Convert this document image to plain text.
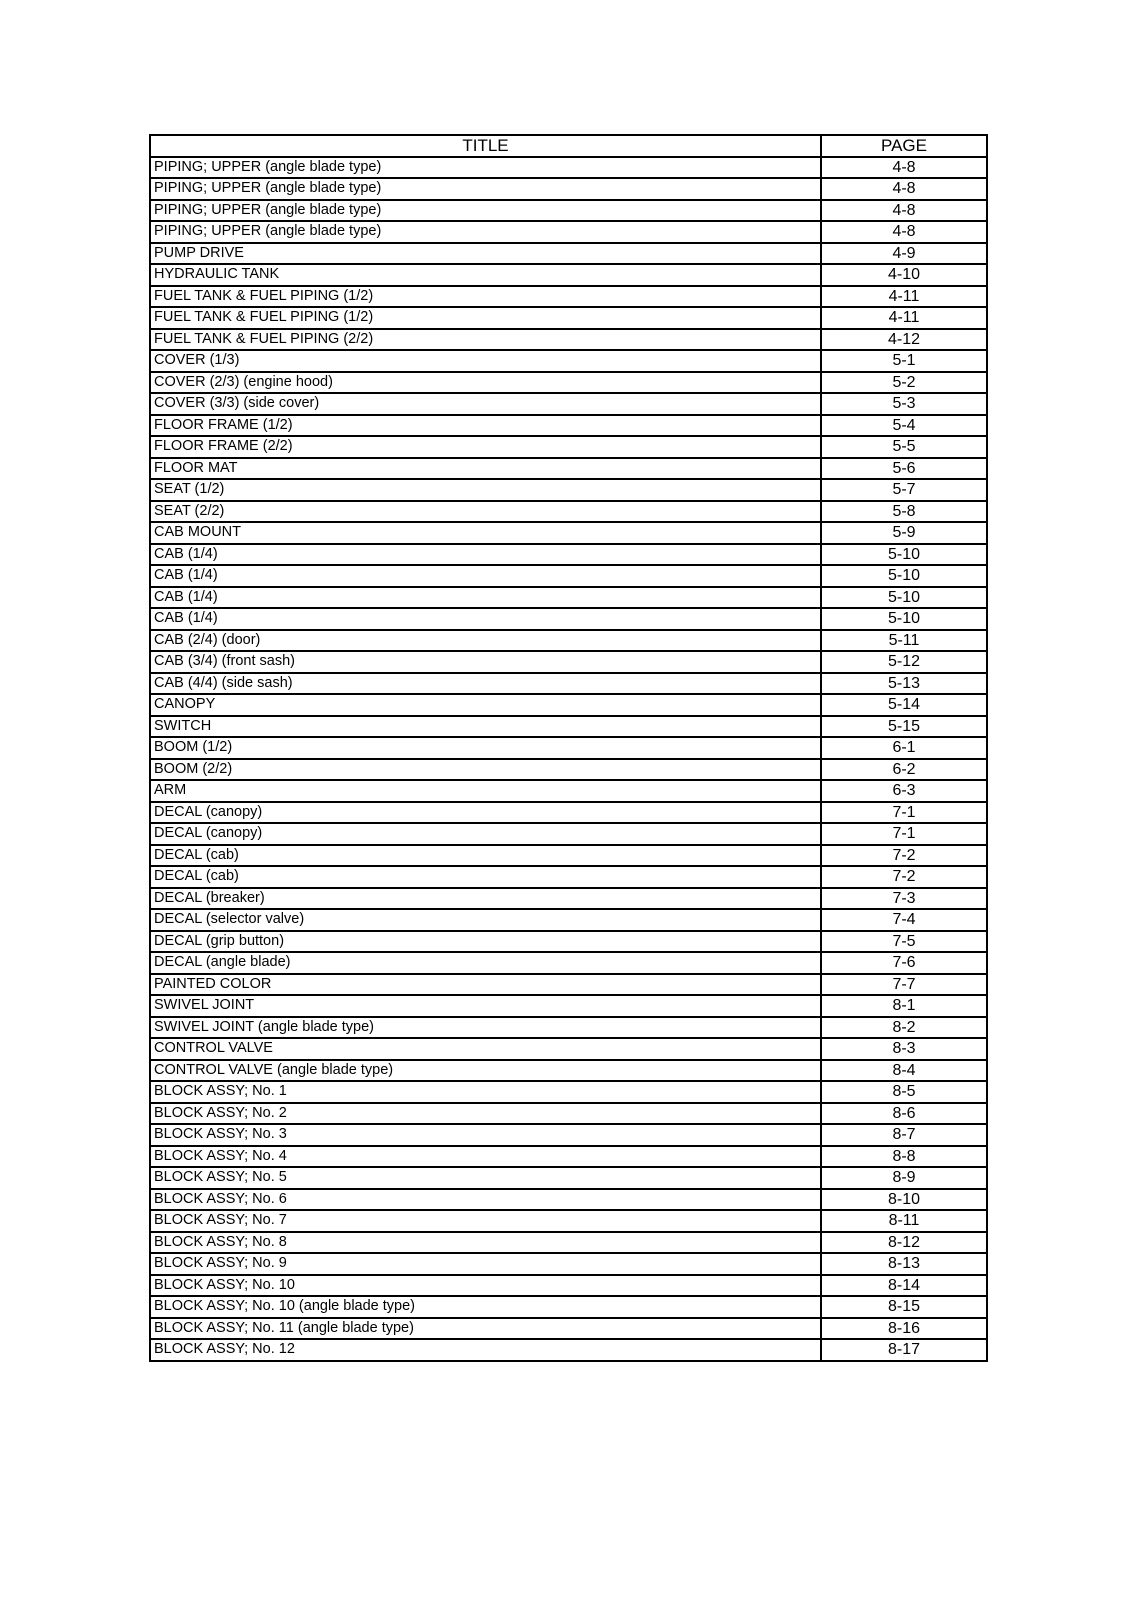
TITLE	PAGE
PIPING; UPPER (angle blade type)	4-8
PIPING; UPPER (angle blade type)	4-8
PIPING; UPPER (angle blade type)	4-8
PIPING; UPPER (angle blade type)	4-8
PUMP DRIVE	4-9
HYDRAULIC TANK	4-10
FUEL TANK & FUEL PIPING (1/2)	4-11
FUEL TANK & FUEL PIPING (1/2)	4-11
FUEL TANK & FUEL PIPING (2/2)	4-12
COVER (1/3)	5-1
COVER (2/3) (engine hood)	5-2
COVER (3/3) (side cover)	5-3
FLOOR FRAME (1/2)	5-4
FLOOR FRAME (2/2)	5-5
FLOOR MAT	5-6
SEAT (1/2)	5-7
SEAT (2/2)	5-8
CAB MOUNT	5-9
CAB (1/4)	5-10
CAB (1/4)	5-10
CAB (1/4)	5-10
CAB (1/4)	5-10
CAB (2/4) (door)	5-11
CAB (3/4) (front sash)	5-12
CAB (4/4) (side sash)	5-13
CANOPY	5-14
SWITCH	5-15
BOOM (1/2)	6-1
BOOM (2/2)	6-2
ARM	6-3
DECAL (canopy)	7-1
DECAL (canopy)	7-1
DECAL (cab)	7-2
DECAL (cab)	7-2
DECAL (breaker)	7-3
DECAL (selector valve)	7-4
DECAL (grip button)	7-5
DECAL (angle blade)	7-6
PAINTED COLOR	7-7
SWIVEL JOINT	8-1
SWIVEL JOINT (angle blade type)	8-2
CONTROL VALVE	8-3
CONTROL VALVE (angle blade type)	8-4
BLOCK ASSY; No. 1	8-5
BLOCK ASSY; No. 2	8-6
BLOCK ASSY; No. 3	8-7
BLOCK ASSY; No. 4	8-8
BLOCK ASSY; No. 5	8-9
BLOCK ASSY; No. 6	8-10
BLOCK ASSY; No. 7	8-11
BLOCK ASSY; No. 8	8-12
BLOCK ASSY; No. 9	8-13
BLOCK ASSY; No. 10	8-14
BLOCK ASSY; No. 10 (angle blade type)	8-15
BLOCK ASSY; No. 11 (angle blade type)	8-16
BLOCK ASSY; No. 12	8-17
